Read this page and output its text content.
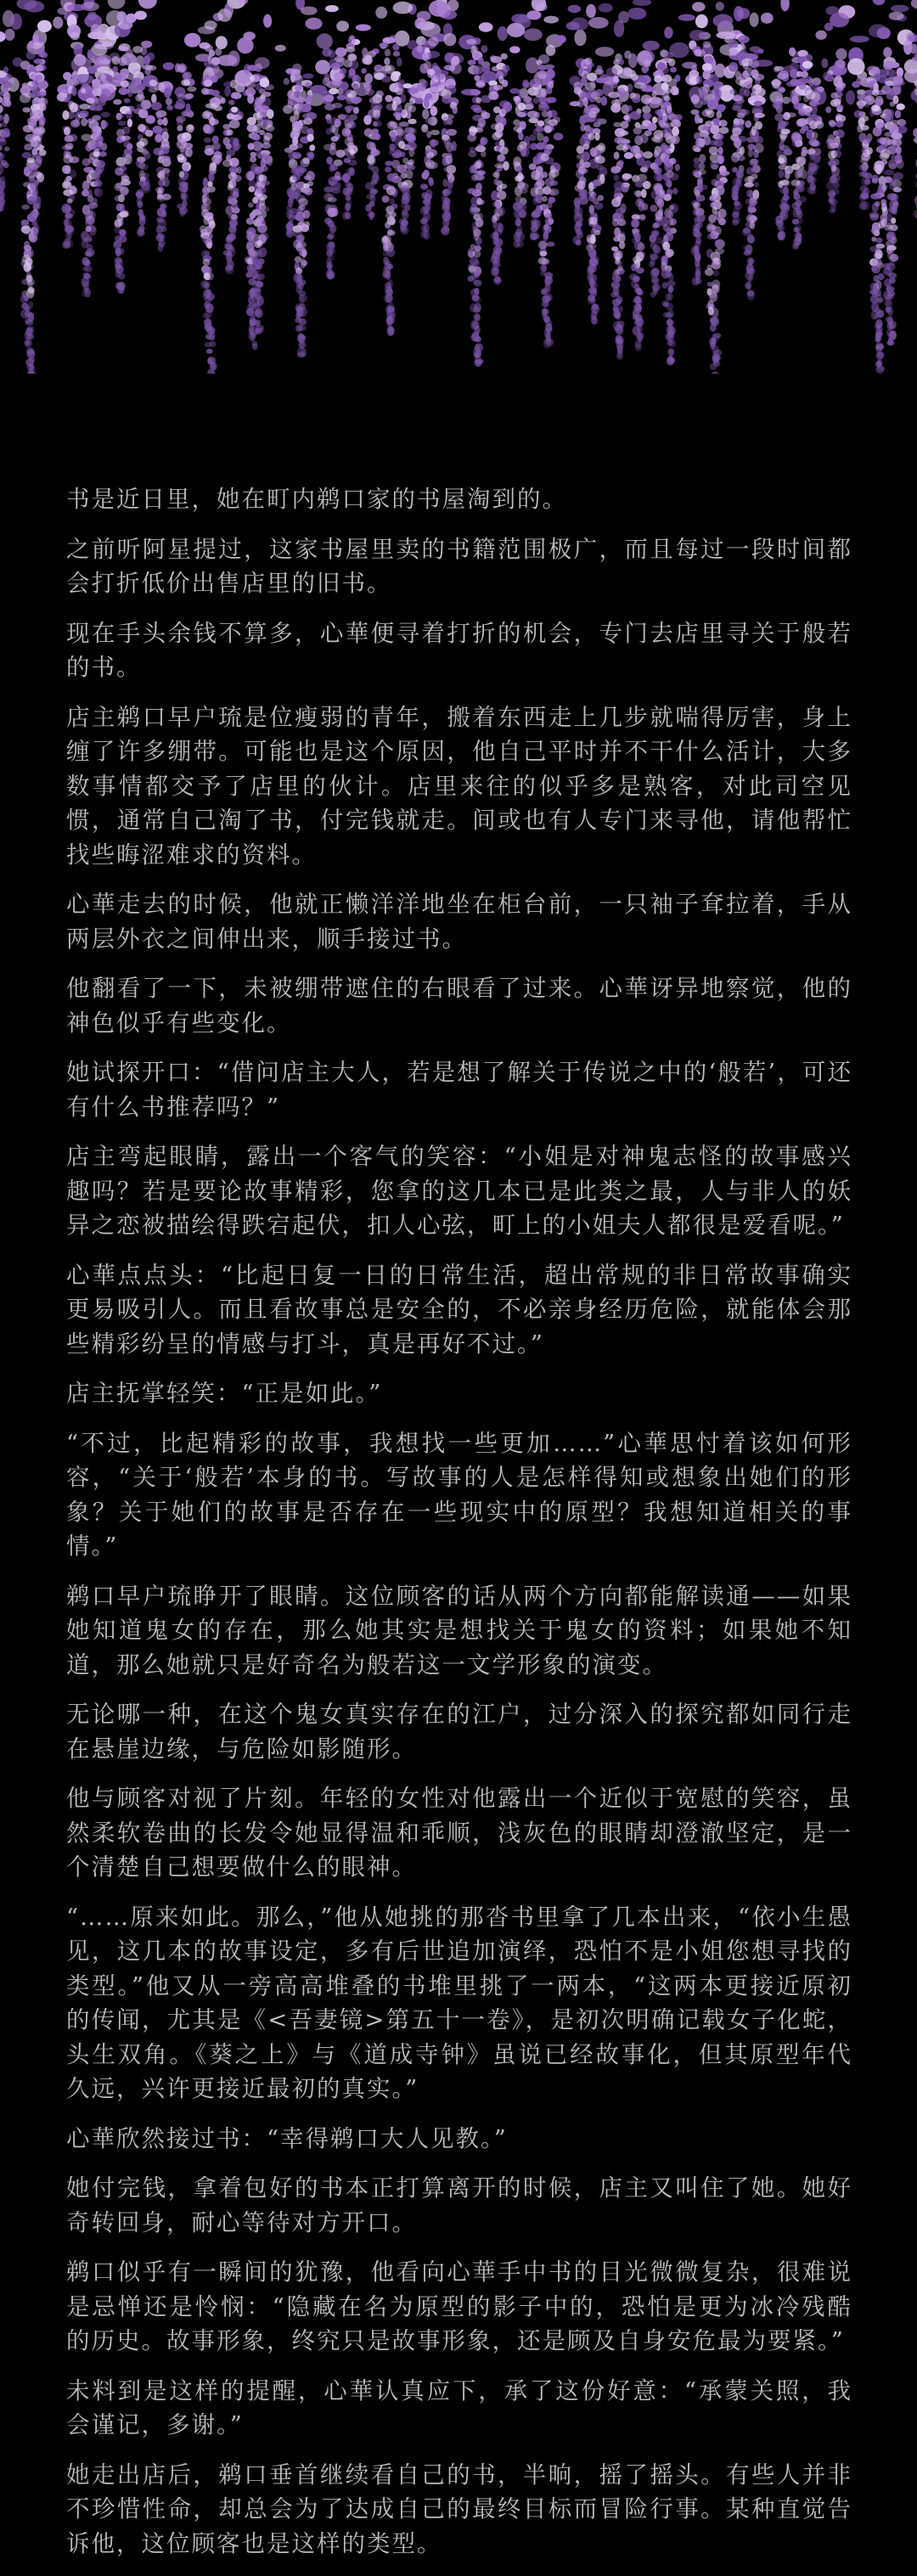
书是近日里，她在町内鹈口家的书屋淘到的。

之前听阿星提过，这家书屋里卖的书籍范围极广，而且每过一段时间都会打折低价出售店里的旧书。

现在手头余钱不算多，心華便寻着打折的机会，专门去店里寻关于般若的书。

店主鹈口早户琉是位瘦弱的青年，搬着东西走上几步就喘得厉害，身上缠了许多绷带。可能也是这个原因，他自己平时并不干什么活计，大多数事情都交予了店里的伙计。店里来往的似乎多是熟客，对此司空见惯，通常自己淘了书，付完钱就走。间或也有人专门来寻他，请他帮忙找些晦涩难求的资料。

心華走去的时候，他就正懒洋洋地坐在柜台前，一只袖子耷拉着，手从两层外衣之间伸出来，顺手接过书。

他翻看了一下，未被绷带遮住的右眼看了过来。心華讶异地察觉，他的神色似乎有些变化。

她试探开口：“借问店主大人，若是想了解关于传说之中的‘般若’，可还有什么书推荐吗？”

店主弯起眼睛，露出一个客气的笑容：“小姐是对神鬼志怪的故事感兴趣吗？若是要论故事精彩，您拿的这几本已是此类之最，人与非人的妖异之恋被描绘得跌宕起伏，扣人心弦，町上的小姐夫人都很是爱看呢。”

心華点点头：“比起日复一日的日常生活，超出常规的非日常故事确实更易吸引人。而且看故事总是安全的，不必亲身经历危险，就能体会那些精彩纷呈的情感与打斗，真是再好不过。”

店主抚掌轻笑：“正是如此。”

“不过，比起精彩的故事，我想找一些更加……”心華思忖着该如何形容，“关于‘般若’本身的书。写故事的人是怎样得知或想象出她们的形象？关于她们的故事是否存在一些现实中的原型？我想知道相关的事情。”

鹈口早户琉睁开了眼睛。这位顾客的话从两个方向都能解读通——如果她知道鬼女的存在，那么她其实是想找关于鬼女的资料；如果她不知道，那么她就只是好奇名为般若这一文学形象的演变。

无论哪一种，在这个鬼女真实存在的江户，过分深入的探究都如同行走在悬崖边缘，与危险如影随形。

他与顾客对视了片刻。年轻的女性对他露出一个近似于宽慰的笑容，虽然柔软卷曲的长发令她显得温和乖顺，浅灰色的眼睛却澄澈坚定，是一个清楚自己想要做什么的眼神。

“……原来如此。那么，”他从她挑的那沓书里拿了几本出来，“依小生愚见，这几本的故事设定，多有后世追加演绎，恐怕不是小姐您想寻找的类型。”他又从一旁高高堆叠的书堆里挑了一两本，“这两本更接近原初的传闻，尤其是《<吾妻镜>第五十一卷》，是初次明确记载女子化蛇，头生双角。《葵之上》与《道成寺钟》虽说已经故事化，但其原型年代久远，兴许更接近最初的真实。”

心華欣然接过书：“幸得鹈口大人见教。”

她付完钱，拿着包好的书本正打算离开的时候，店主又叫住了她。她好奇转回身，耐心等待对方开口。

鹈口似乎有一瞬间的犹豫，他看向心華手中书的目光微微复杂，很难说是忌惮还是怜悯：“隐藏在名为原型的影子中的，恐怕是更为冰冷残酷的历史。故事形象，终究只是故事形象，还是顾及自身安危最为要紧。”

未料到是这样的提醒，心華认真应下，承了这份好意：“承蒙关照，我会谨记，多谢。”

她走出店后，鹈口垂首继续看自己的书，半晌，摇了摇头。有些人并非不珍惜性命，却总会为了达成自己的最终目标而冒险行事。某种直觉告诉他，这位顾客也是这样的类型。
